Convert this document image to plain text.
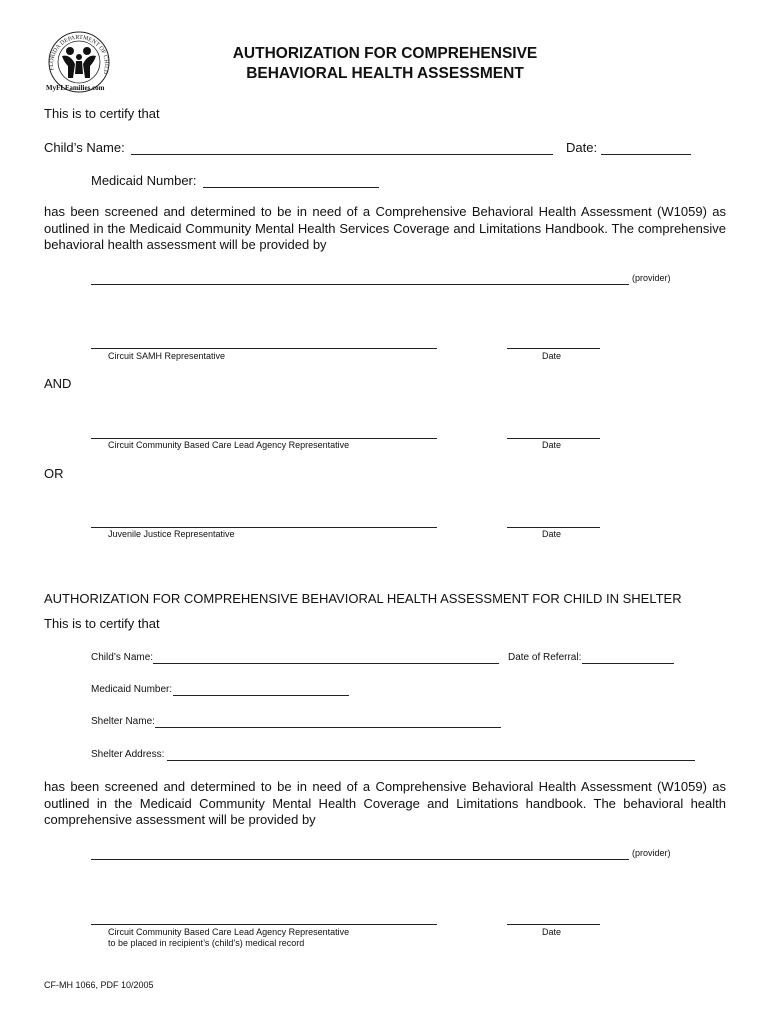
FLORIDA DEPARTMENT OF CHILD
MyFLFamilies.com
AUTHORIZATION FOR COMPREHENSIVE
BEHAVIORAL HEALTH ASSESSMENT
This is to certify that
Child’s Name:	Date:
Medicaid Number:
has been screened and determined to be in need of a Comprehensive Behavioral Health Assessment (W1059) as outlined in the Medicaid Community Mental Health Services Coverage and Limitations Handbook. The comprehensive behavioral health assessment will be provided by
(provider)
Circuit SAMH Representative	Date
AND
Circuit Community Based Care Lead Agency Representative	Date
OR
Juvenile Justice Representative	Date
AUTHORIZATION FOR COMPREHENSIVE BEHAVIORAL HEALTH ASSESSMENT FOR CHILD IN SHELTER
This is to certify that
Child’s Name:	Date of Referral:
Medicaid Number:
Shelter Name:
Shelter Address:
has been screened and determined to be in need of a Comprehensive Behavioral Health Assessment (W1059) as outlined in the Medicaid Community Mental Health Coverage and Limitations handbook. The behavioral health comprehensive assessment will be provided by
(provider)
Circuit Community Based Care Lead Agency Representative
to be placed in recipient’s (child’s) medical record
Date
CF-MH 1066, PDF 10/2005
